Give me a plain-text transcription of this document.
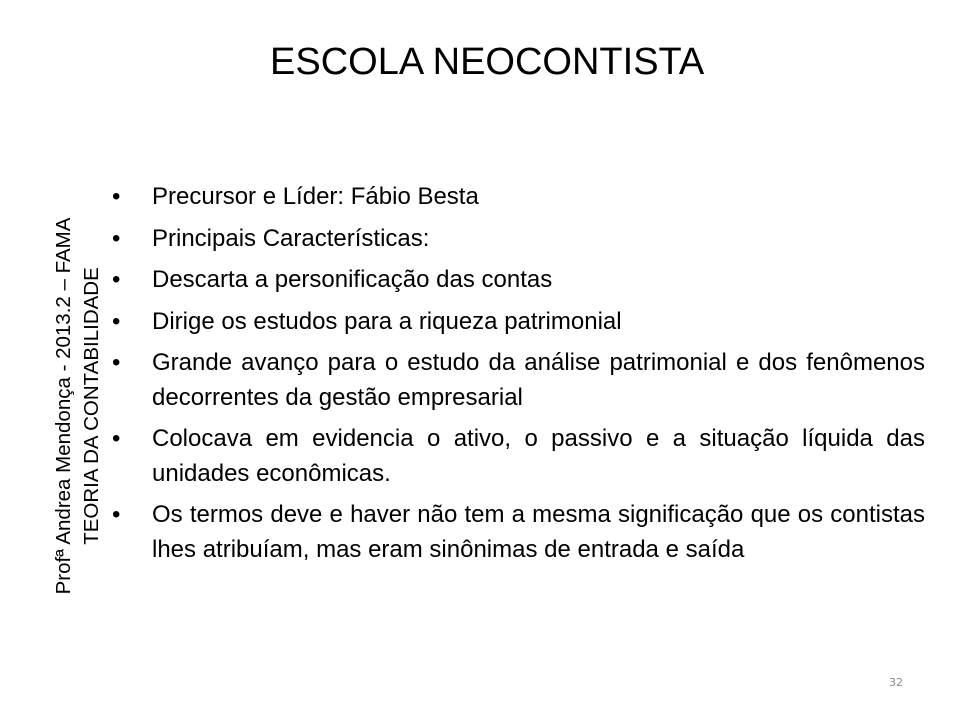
ESCOLA NEOCONTISTA
Profª Andrea Mendonça - 2013.2 – FAMA TEORIA DA CONTABILIDADE
•	Precursor e Líder: Fábio Besta
•	Principais Características:
•	Descarta a personificação das contas
•	Dirige os estudos para a riqueza patrimonial
•	Grande avanço para o estudo da análise patrimonial e dos fenômenos decorrentes da gestão empresarial
•	Colocava em evidencia o ativo, o passivo e a situação líquida das unidades econômicas.
•	Os termos deve e haver não tem a mesma significação que os contistas lhes atribuíam, mas eram sinônimas de entrada e saída
32
